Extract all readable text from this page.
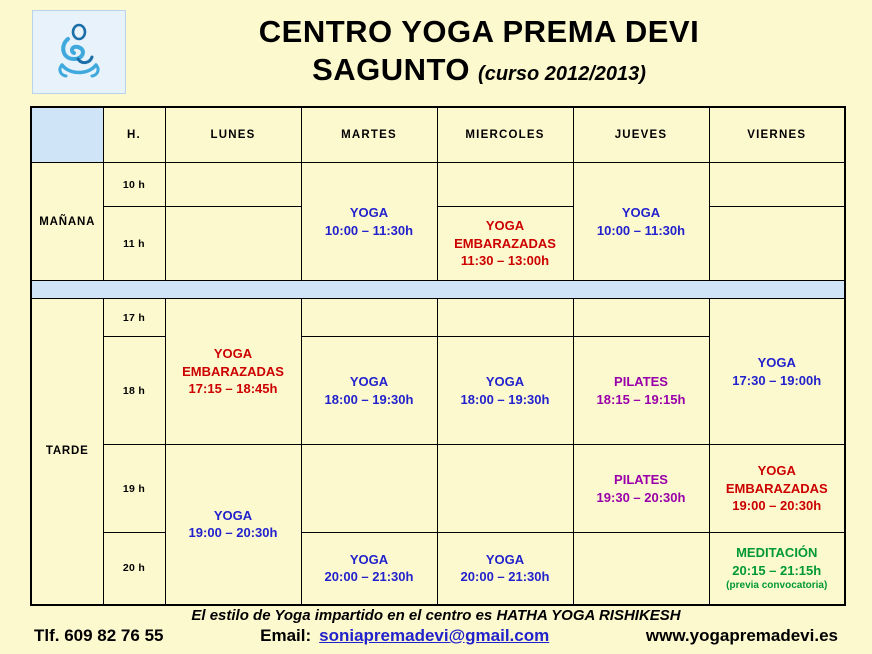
CENTRO YOGA PREMA DEVI
SAGUNTO (curso 2012/2013)
	H.	LUNES	MARTES	MIERCOLES	JUEVES	VIERNES
MAÑANA	10 h		YOGA
10:00 – 11:30h		YOGA
10:00 – 11:30h	

	11 h			YOGA
EMBARAZADAS
11:30 – 13:00h		

TARDE	17 h	YOGA
EMBARAZADAS
17:15 – 18:45h				YOGA
17:30 – 19:00h

	18 h		YOGA
18:00 – 19:30h	YOGA
18:00 – 19:30h	PILATES
18:15 – 19:15h	

	19 h	YOGA
19:00 – 20:30h			PILATES
19:30 – 20:30h	YOGA
EMBARAZADAS
19:00 – 20:30h

	20 h		YOGA
20:00 – 21:30h	YOGA
20:00 – 21:30h		MEDITACIÓN
20:15 – 21:15h
(previa convocatoria)
El estilo de Yoga impartido en el centro es HATHA YOGA RISHIKESH
Tlf. 609 82 76 55	Email: soniapremadevi@gmail.com	www.yogapremadevi.es
